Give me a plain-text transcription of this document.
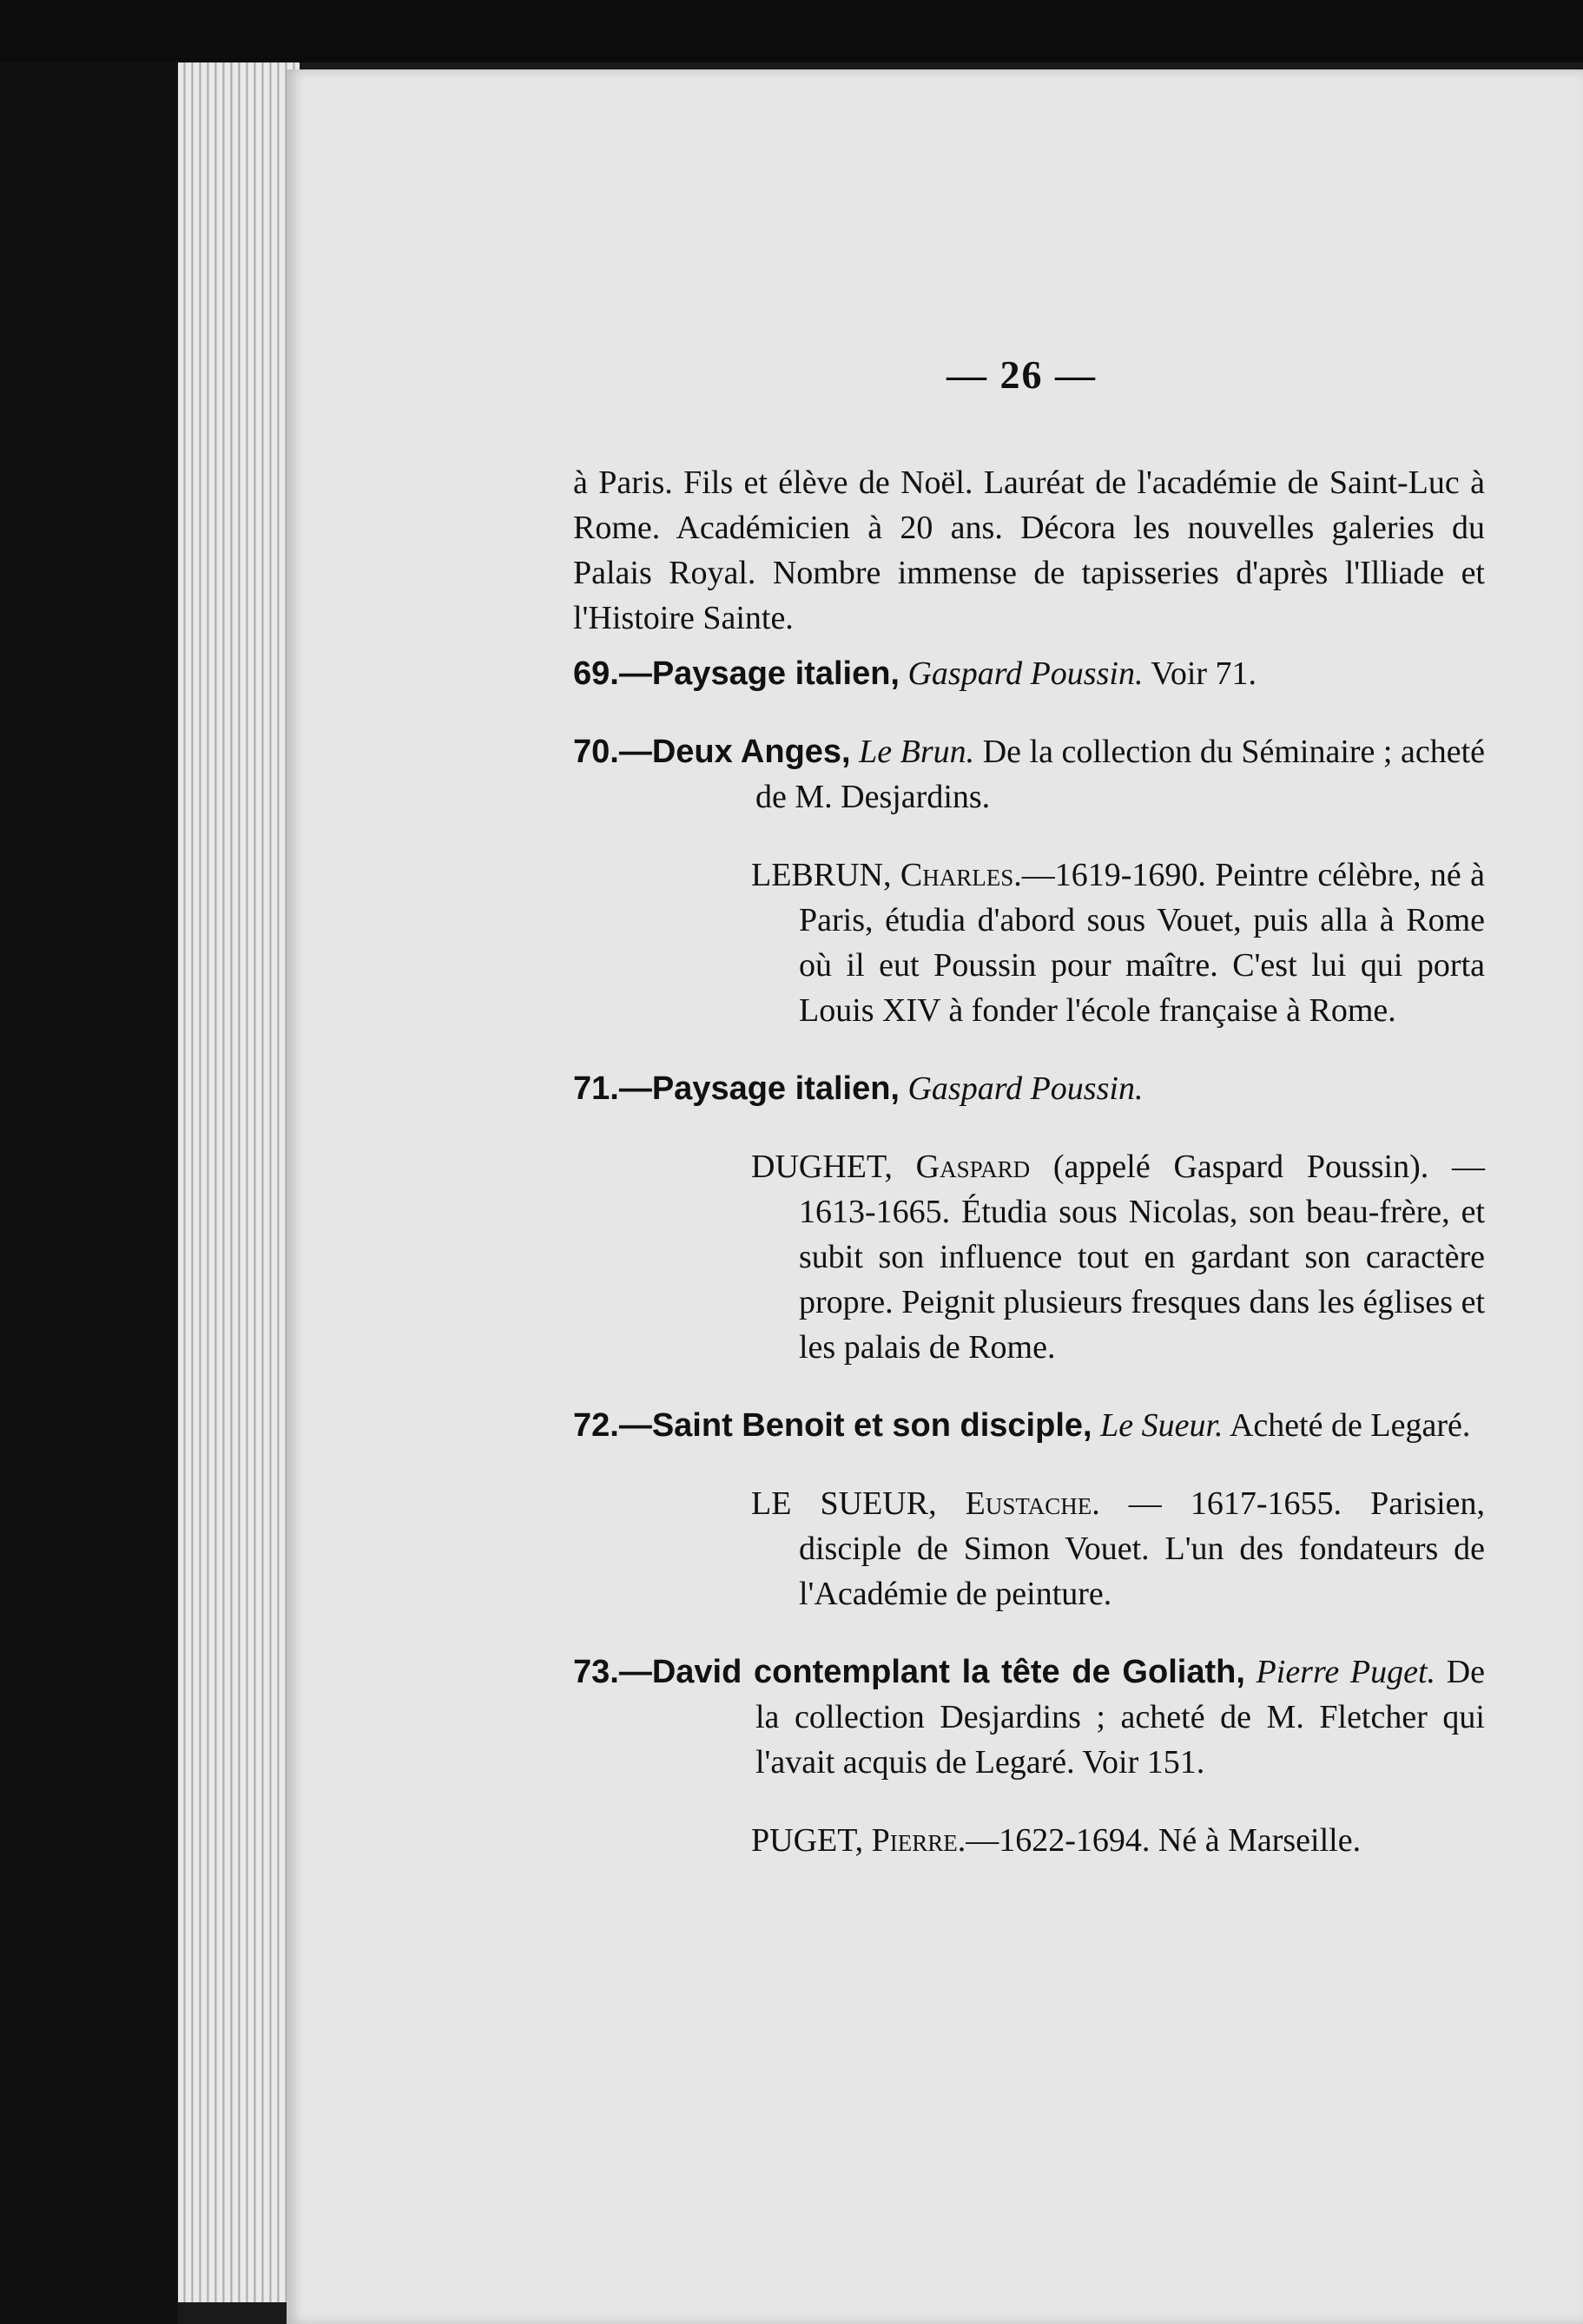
— 26 —

à Paris. Fils et élève de Noël. Lauréat de l'académie de Saint-Luc à Rome. Académicien à 20 ans. Décora les nouvelles galeries du Palais Royal. Nombre immense de tapisseries d'après l'Illiade et l'Histoire Sainte.

69.—Paysage italien, Gaspard Poussin. Voir 71.

70.—Deux Anges, Le Brun. De la collection du Séminaire ; acheté de M. Desjardins.

LEBRUN, Charles.—1619-1690. Peintre célèbre, né à Paris, étudia d'abord sous Vouet, puis alla à Rome où il eut Poussin pour maître. C'est lui qui porta Louis XIV à fonder l'école française à Rome.

71.—Paysage italien, Gaspard Poussin.

DUGHET, Gaspard (appelé Gaspard Poussin). — 1613-1665. Étudia sous Nicolas, son beau-frère, et subit son influence tout en gardant son caractère propre. Peignit plusieurs fresques dans les églises et les palais de Rome.

72.—Saint Benoit et son disciple, Le Sueur. Acheté de Legaré.

LE SUEUR, Eustache. — 1617-1655. Parisien, disciple de Simon Vouet. L'un des fondateurs de l'Académie de peinture.

73.—David contemplant la tête de Goliath, Pierre Puget. De la collection Desjardins ; acheté de M. Fletcher qui l'avait acquis de Legaré. Voir 151.

PUGET, Pierre.—1622-1694. Né à Marseille.
